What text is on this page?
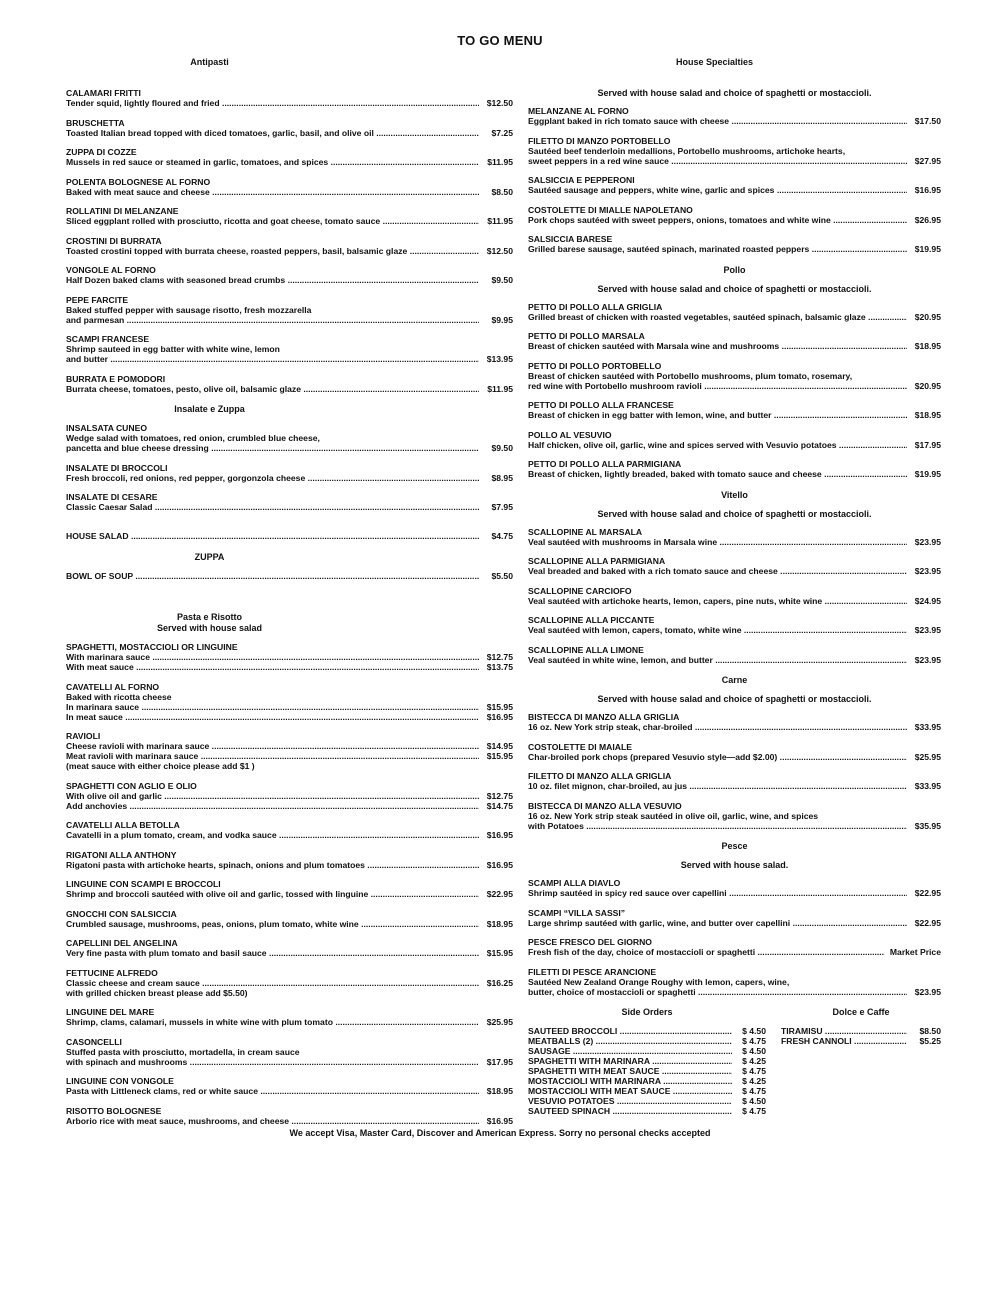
TO GO MENU
Antipasti
CALAMARI FRITTI
Tender squid, lightly floured and fried .....	$12.50
BRUSCHETTA
Toasted Italian bread topped with diced tomatoes, garlic, basil, and olive oil .....	$7.25
ZUPPA DI COZZE
Mussels in red sauce or steamed in garlic, tomatoes, and spices .....	$11.95
POLENTA BOLOGNESE AL FORNO
Baked with meat sauce and cheese .....	$8.50
ROLLATINI DI MELANZANE
Sliced eggplant rolled with prosciutto, ricotta and goat cheese, tomato sauce .....	$11.95
CROSTINI DI BURRATA
Toasted crostini topped with burrata cheese, roasted peppers, basil, balsamic glaze .....	$12.50
VONGOLE AL FORNO
Half Dozen baked clams with seasoned bread crumbs .....	$9.50
PEPE FARCITE
Baked stuffed pepper with sausage risotto, fresh mozzarella
and parmesan .....	$9.95
SCAMPI FRANCESE
Shrimp sauteed in egg batter with white wine, lemon
and butter .....	$13.95
BURRATA E POMODORI
Burrata cheese, tomatoes, pesto, olive oil, balsamic glaze .....	$11.95
Insalate e Zuppa
INSALSATA CUNEO
Wedge salad with tomatoes, red onion, crumbled blue cheese,
pancetta and blue cheese dressing .....	$9.50
INSALATE DI BROCCOLI
Fresh broccoli, red onions, red pepper, gorgonzola cheese .....	$8.95
INSALATE DI CESARE
Classic Caesar Salad .....	$7.95
HOUSE SALAD .....	$4.75
ZUPPA
BOWL OF SOUP .....	$5.50
Pasta e Risotto
Served with house salad
SPAGHETTI, MOSTACCIOLI OR LINGUINE
With marinara sauce .....	$12.75
With meat sauce .....	$13.75
CAVATELLI AL FORNO
Baked with ricotta cheese
In marinara sauce .....	$15.95
In meat sauce .....	$16.95
RAVIOLI
Cheese ravioli with marinara sauce .....	$14.95
Meat ravioli with marinara sauce .....	$15.95
(meat sauce with either choice please add $1 )
SPAGHETTI CON AGLIO E OLIO
With olive oil and garlic .....	$12.75
Add anchovies .....	$14.75
CAVATELLI ALLA BETOLLA
Cavatelli in a plum tomato, cream, and vodka sauce .....	$16.95
RIGATONI ALLA ANTHONY
Rigatoni pasta with artichoke hearts, spinach, onions and plum tomatoes .....	$16.95
LINGUINE CON SCAMPI E BROCCOLI
Shrimp and broccoli sautéed with olive oil and garlic, tossed with linguine .....	$22.95
GNOCCHI CON SALSICCIA
Crumbled sausage, mushrooms, peas, onions, plum tomato, white wine .....	$18.95
CAPELLINI DEL ANGELINA
Very fine pasta with plum tomato and basil sauce .....	$15.95
FETTUCINE ALFREDO
Classic cheese and cream sauce .....	$16.25
with grilled chicken breast please add $5.50)
LINGUINE DEL MARE
Shrimp, clams, calamari, mussels in white wine with plum tomato .....	$25.95
CASONCELLI
Stuffed pasta with prosciutto, mortadella, in cream sauce
with spinach and mushrooms .....	$17.95
LINGUINE CON VONGOLE
Pasta with Littleneck clams, red or white sauce .....	$18.95
RISOTTO BOLOGNESE
Arborio rice with meat sauce, mushrooms, and cheese .....	$16.95
House Specialties
Served with house salad and choice of spaghetti or mostaccioli.
MELANZANE AL FORNO
Eggplant baked in rich tomato sauce with cheese .....	$17.50
FILETTO DI MANZO PORTOBELLO
Sautéed beef tenderloin medallions, Portobello mushrooms, artichoke hearts,
sweet peppers in a red wine sauce .....	$27.95
SALSICCIA E PEPPERONI
Sautéed sausage and peppers, white wine, garlic and spices .....	$16.95
COSTOLETTE DI MIALLE NAPOLETANO
Pork chops sautéed with sweet peppers, onions, tomatoes and white wine .....	$26.95
SALSICCIA BARESE
Grilled barese sausage, sautéed spinach, marinated roasted peppers .....	$19.95
Pollo
Served with house salad and choice of spaghetti or mostaccioli.
PETTO DI POLLO ALLA GRIGLIA
Grilled breast of chicken with roasted vegetables, sautéed spinach, balsamic glaze .....	$20.95
PETTO DI POLLO MARSALA
Breast of chicken sautéed with Marsala wine and mushrooms .....	$18.95
PETTO DI POLLO PORTOBELLO
Breast of chicken sautéed with Portobello mushrooms, plum tomato, rosemary,
red wine with Portobello mushroom ravioli .....	$20.95
PETTO DI POLLO ALLA FRANCESE
Breast of chicken in egg batter with lemon, wine, and butter .....	$18.95
POLLO AL VESUVIO
Half chicken, olive oil, garlic, wine and spices served with Vesuvio potatoes .....	$17.95
PETTO DI POLLO ALLA PARMIGIANA
Breast of chicken, lightly breaded, baked with tomato sauce and cheese .....	$19.95
Vitello
Served with house salad and choice of spaghetti or mostaccioli.
SCALLOPINE AL MARSALA
Veal sautéed with mushrooms in Marsala wine .....	$23.95
SCALLOPINE ALLA PARMIGIANA
Veal breaded and baked with a rich tomato sauce and cheese .....	$23.95
SCALLOPINE CARCIOFO
Veal sautéed with artichoke hearts, lemon, capers, pine nuts, white wine .....	$24.95
SCALLOPINE ALLA PICCANTE
Veal sautéed with lemon, capers, tomato, white wine .....	$23.95
SCALLOPINE ALLA LIMONE
Veal sautéed in white wine, lemon, and butter .....	$23.95
Carne
Served with house salad and choice of spaghetti or mostaccioli.
BISTECCA DI MANZO ALLA GRIGLIA
16 oz. New York strip steak, char-broiled .....	$33.95
COSTOLETTE DI MAIALE
Char-broiled pork chops (prepared Vesuvio style—add $2.00) .....	$25.95
FILETTO DI MANZO ALLA GRIGLIA
10 oz. filet mignon, char-broiled, au jus .....	$33.95
BISTECCA DI MANZO ALLA VESUVIO
16 oz. New York strip steak sautéed in olive oil, garlic, wine, and spices
with Potatoes .....	$35.95
Pesce
Served with house salad.
SCAMPI ALLA DIAVLO
Shrimp sautéed in spicy red sauce over capellini .....	$22.95
SCAMPI “VILLA SASSI”
Large shrimp sautéed with garlic, wine, and butter over capellini .....	$22.95
PESCE FRESCO DEL GIORNO
Fresh fish of the day, choice of mostaccioli or spaghetti .....	Market Price
FILETTI DI PESCE ARANCIONE
Sautéed New Zealand Orange Roughy with lemon, capers, wine,
butter, choice of mostaccioli or spaghetti .....	$23.95
Side Orders
SAUTEED BROCCOLI .....	$ 4.50
MEATBALLS (2) .....	$ 4.75
SAUSAGE .....	$ 4.50
SPAGHETTI WITH MARINARA .....	$ 4.25
SPAGHETTI WITH MEAT SAUCE .....	$ 4.75
MOSTACCIOLI WITH MARINARA .....	$ 4.25
MOSTACCIOLI WITH MEAT SAUCE .....	$ 4.75
VESUVIO POTATOES .....	$ 4.50
SAUTEED SPINACH .....	$ 4.75
Dolce e Caffe
TIRAMISU .....	$8.50
FRESH CANNOLI .....	$5.25
We accept Visa, Master Card, Discover and American Express. Sorry no personal checks accepted
